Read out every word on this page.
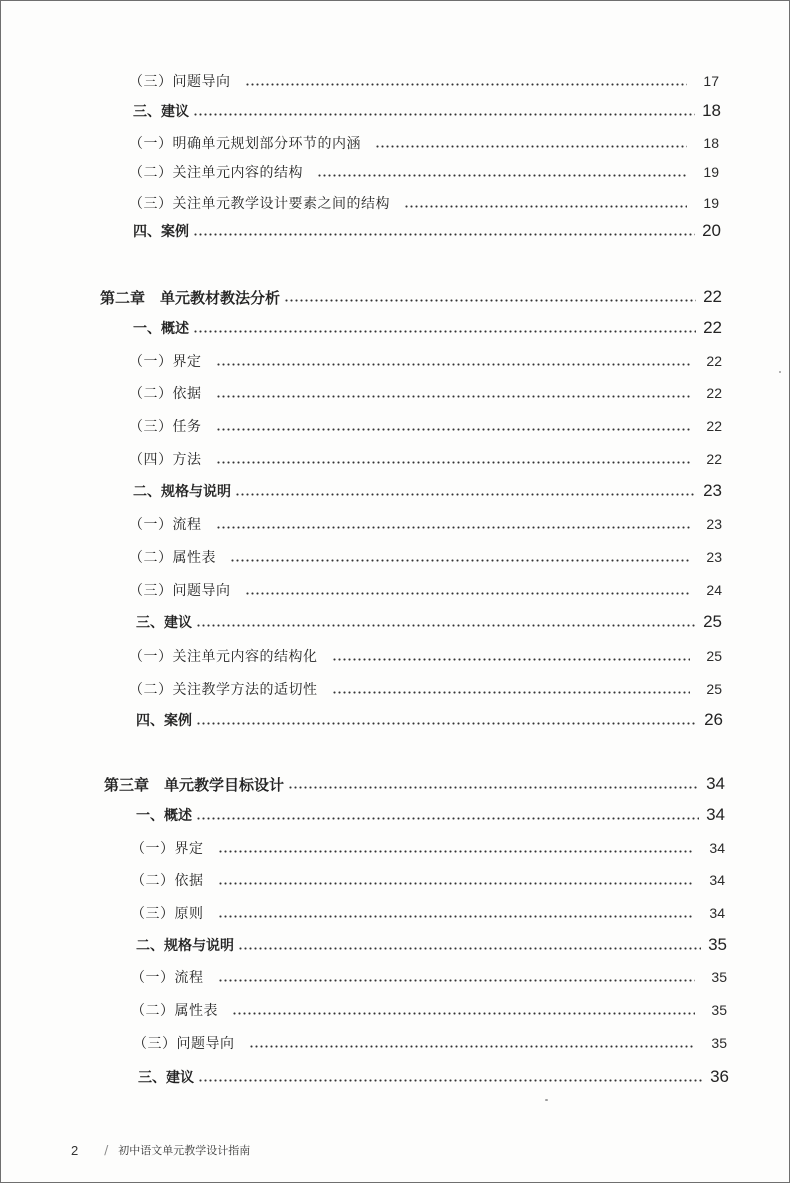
（三）问题导向	17
三、建议	18
（一）明确单元规划部分环节的内涵	18
（二）关注单元内容的结构	19
（三）关注单元教学设计要素之间的结构	19
四、案例	20
第二章　单元教材教法分析	22
一、概述	22
（一）界定	22
（二）依据	22
（三）任务	22
（四）方法	22
二、规格与说明	23
（一）流程	23
（二）属性表	23
（三）问题导向	24
三、建议	25
（一）关注单元内容的结构化	25
（二）关注教学方法的适切性	25
四、案例	26
第三章　单元教学目标设计	34
一、概述	34
（一）界定	34
（二）依据	34
（三）原则	34
二、规格与说明	35
（一）流程	35
（二）属性表	35
（三）问题导向	35
三、建议	36
2 / 初中语文单元教学设计指南
